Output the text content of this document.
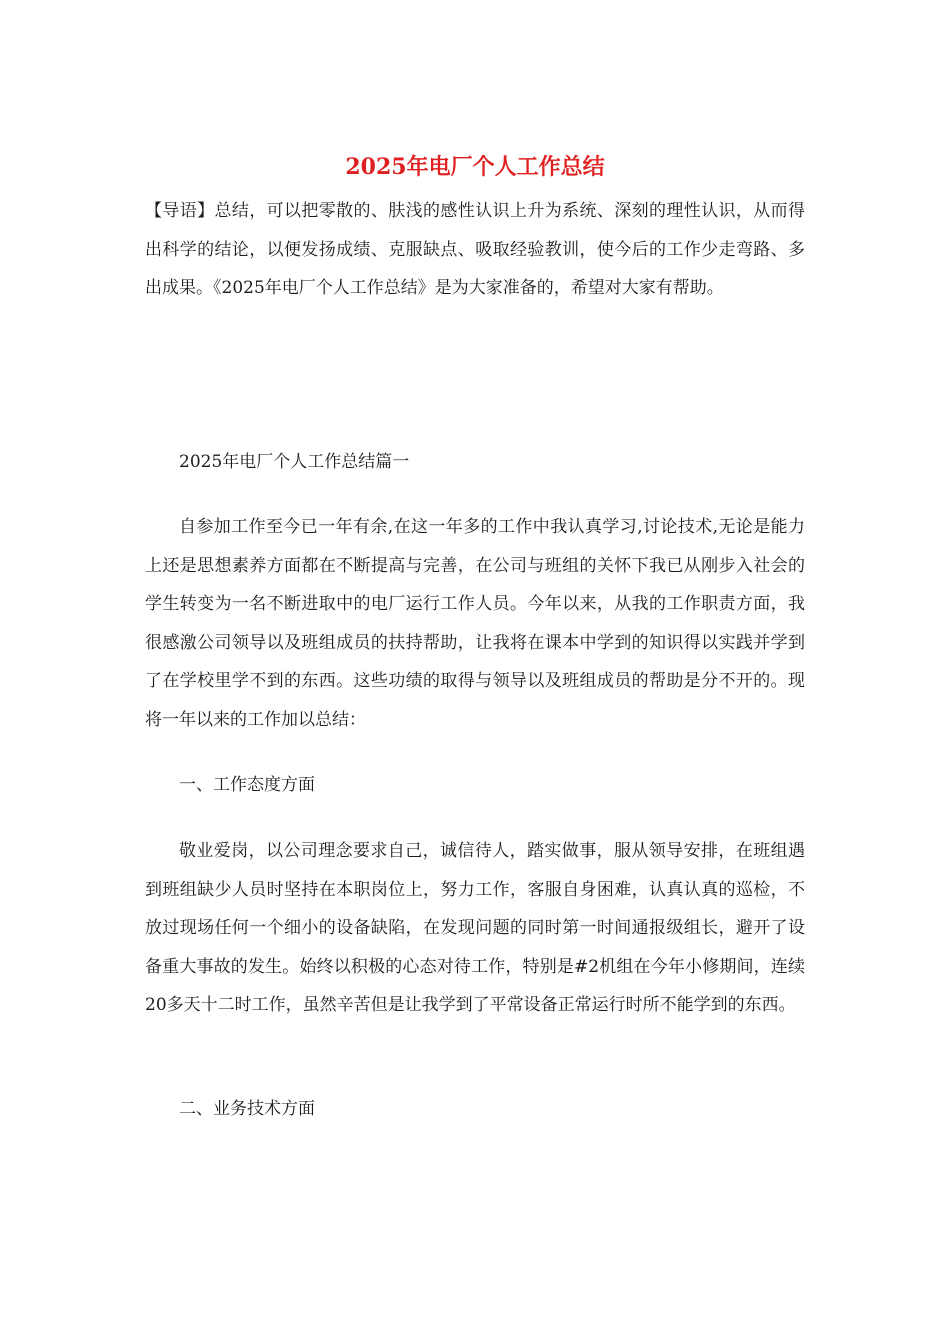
2025年电厂个人工作总结

【导语】总结，可以把零散的、肤浅的感性认识上升为系统、深刻的理性认识，从而得出科学的结论，以便发扬成绩、克服缺点、吸取经验教训，使今后的工作少走弯路、多出成果。《2025年电厂个人工作总结》是为大家准备的，希望对大家有帮助。

2025年电厂个人工作总结篇一

自参加工作至今已一年有余,在这一年多的工作中我认真学习,讨论技术,无论是能力上还是思想素养方面都在不断提高与完善，在公司与班组的关怀下我已从刚步入社会的学生转变为一名不断进取中的电厂运行工作人员。今年以来，从我的工作职责方面，我很感激公司领导以及班组成员的扶持帮助，让我将在课本中学到的知识得以实践并学到了在学校里学不到的东西。这些功绩的取得与领导以及班组成员的帮助是分不开的。现将一年以来的工作加以总结：

一、工作态度方面

敬业爱岗，以公司理念要求自己，诚信待人，踏实做事，服从领导安排，在班组遇到班组缺少人员时坚持在本职岗位上，努力工作，客服自身困难，认真认真的巡检，不放过现场任何一个细小的设备缺陷，在发现问题的同时第一时间通报级组长，避开了设备重大事故的发生。始终以积极的心态对待工作，特别是#2机组在今年小修期间，连续20多天十二时工作，虽然辛苦但是让我学到了平常设备正常运行时所不能学到的东西。

二、业务技术方面
